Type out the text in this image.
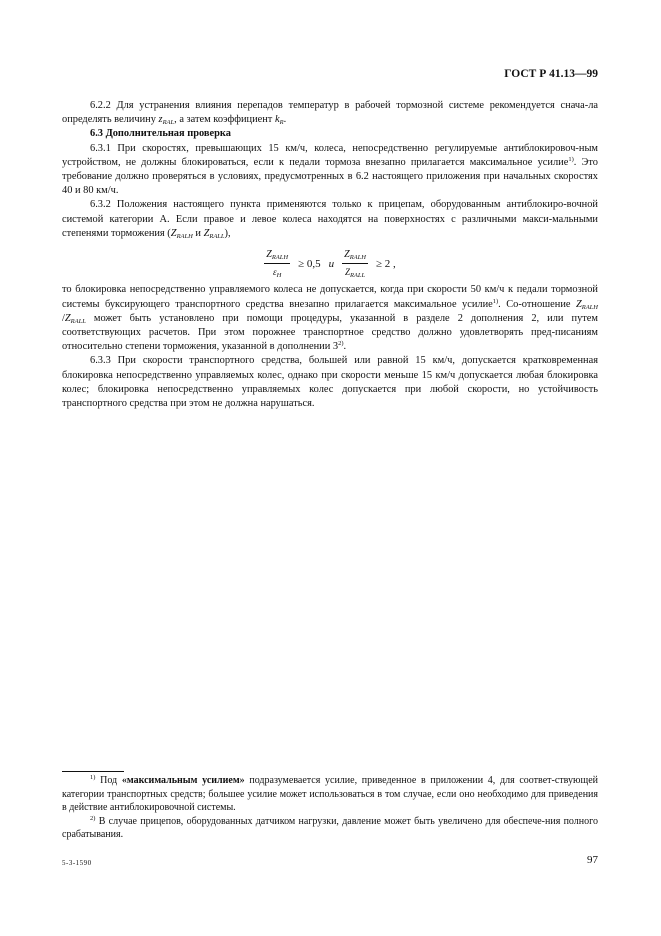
ГОСТ Р 41.13—99

6.2.2 Для устранения влияния перепадов температур в рабочей тормозной системе рекомендуется снача-ла определять величину $z_{RAL}$, а затем коэффициент $k_R$.

6.3 Дополнительная проверка

6.3.1 При скоростях, превышающих 15 км/ч, колеса, непосредственно регулируемые антиблокировоч-ным устройством, не должны блокироваться, если к педали тормоза внезапно прилагается максимальное усилие$^{1)}$. Это требование должно проверяться в условиях, предусмотренных в 6.2 настоящего приложения при начальных скоростях 40 и 80 км/ч.

6.3.2 Положения настоящего пункта применяются только к прицепам, оборудованным антиблокиро-вочной системой категории А. Если правое и левое колеса находятся на поверхностях с различными макси-мальными степенями торможения ($Z_{RALH}$ и $Z_{RALL}$),

$\frac{Z_{RALH}}{\varepsilon_H} \ge 0,5$ и $\frac{Z_{RALH}}{Z_{RALL}} \ge 2$ ,

то блокировка непосредственно управляемого колеса не допускается, когда при скорости 50 км/ч к педали тормозной системы буксирующего транспортного средства внезапно прилагается максимальное усилие$^{1)}$. Со-отношение $Z_{RALH}$ $/Z_{RALL}$ может быть установлено при помощи процедуры, указанной в разделе 2 дополнения 2, или путем соответствующих расчетов. При этом порожнее транспортное средство должно удовлетворять пред-писаниям относительно степени торможения, указанной в дополнении 3$^{2)}$.

6.3.3 При скорости транспортного средства, большей или равной 15 км/ч, допускается кратковременная блокировка непосредственно управляемых колес, однако при скорости меньше 15 км/ч допускается любая блокировка колес; блокировка непосредственно управляемых колес допускается при любой скорости, но устойчивость транспортного средства при этом не должна нарушаться.

$^{1)}$ Под «максимальным усилием» подразумевается усилие, приведенное в приложении 4, для соответ-ствующей категории транспортных средств; большее усилие может использоваться в том случае, если оно необходимо для приведения в действие антиблокировочной системы.

$^{2)}$ В случае прицепов, оборудованных датчиком нагрузки, давление может быть увеличено для обеспече-ния полного срабатывания.

5-3-1590	97
